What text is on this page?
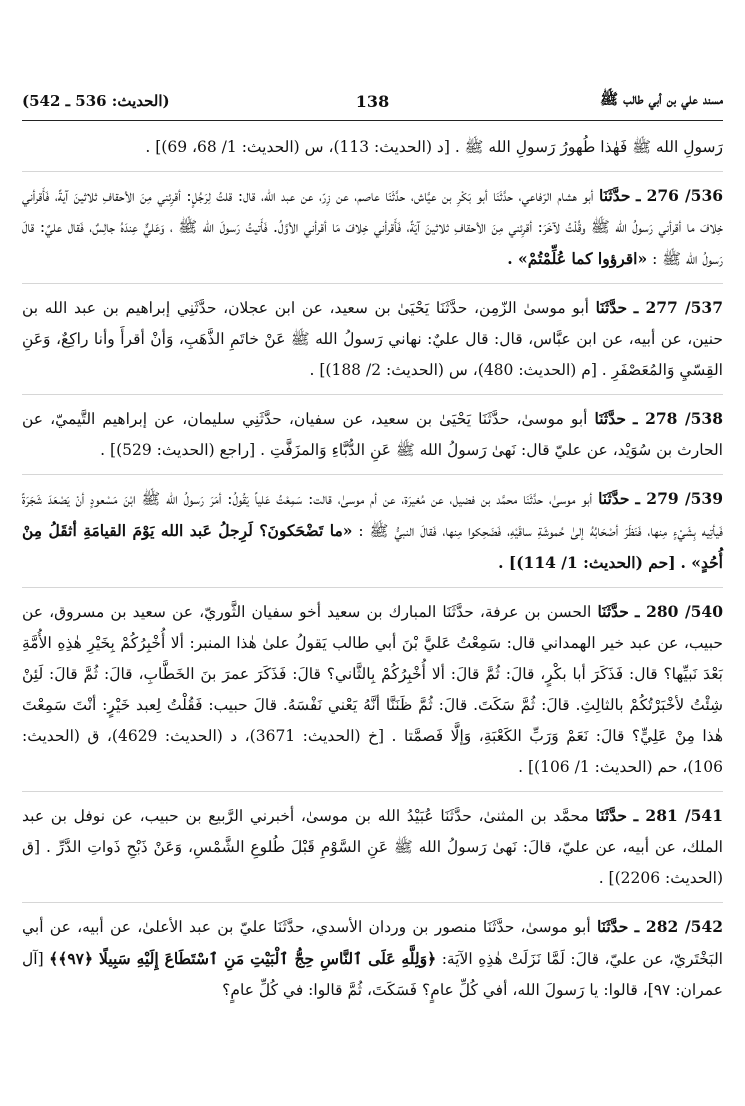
مسند علي بن أبي طالب ﷺ
138
(الحديث: 536 ـ 542)

رَسولِ الله ﷺ فَهٰذا طُهورُ رَسولِ الله ﷺ . [د (الحديث: 113)، س (الحديث: 1/ 68، 69)] .

536/ 276 ـ حدَّثَنَا أبو هشام الرّفاعي، حدَّثَنَا أبو بَكْرِ بن عيَّاش، حدَّثَنَا عاصم، عن زِرّ، عن عبد الله، قال: قلتُ لِرَجُلٍ: أقرِئني مِنَ الأحقافِ ثلاثينَ آيةً، فَأَقرأني خِلافَ ما أقرأني رَسولُ الله ﷺ وقُلْتُ لآخَرَ: أقرِئني مِنَ الأحقافِ ثلاثينَ آيَةً، فَأَقرأني خِلافَ مَا أقرأني الأوَّلُ. فَأَتيتُ رَسولَ الله ﷺ ، وَعَليٌّ عِندَهُ جالِسٌ، فَقال عليٌ: قالَ رَسولُ الله ﷺ : «اقرؤوا كما عُلِّمْتُمْ» .

537/ 277 ـ حدَّثَنَا أبو موسىٰ الزّمِن، حدَّثَنَا يَحْيَىٰ بن سعيد، عن ابن عجلان، حدَّثَنِي إبراهيم بن عبد الله بن حنين، عن أبيه، عن ابن عبَّاس، قال: قال عليٌ: نهاني رَسولُ الله ﷺ عَنْ خاتَمِ الذَّهَبِ، وَأنْ أقرأَ وأنا راكِعٌ، وَعَنِ القِسّيِ وَالمُعَصْفَرِ . [م (الحديث: 480)، س (الحديث: 2/ 188)] .

538/ 278 ـ حدَّثَنَا أبو موسىٰ، حدَّثَنَا يَحْيَىٰ بن سعيد، عن سفيان، حدَّثَنِي سليمان، عن إبراهيم التَّيميّ، عن الحارث بن سُوَيْد، عن عليّ قال: نَهىٰ رَسولُ الله ﷺ عَنِ الدُّبَّاءِ وَالمزَفَّتِ . [راجع (الحديث: 529)] .

539/ 279 ـ حدَّثَنَا أبو موسىٰ، حدَّثَنَا محمَّد بن فضيل، عن مُغيرَة، عن أم موسىٰ، قالت: سَمِعْتُ عَلياً يَقُولُ: أمَرَ رَسولُ الله ﷺ ابْنَ مَسْعودٍ أنْ يَصْعَدَ شَجَرَةً فَيأتِيه بِشَيْءٍ مِنها، فَنَظَرَ أصْحَابُهُ إلىٰ حُموشَةِ ساقَيْهِ، فَضَحِكوا مِنها، فَقالَ النبيُّ ﷺ : «ما تَضْحَكونَ؟ لَرِجلُ عَبد الله يَوْمَ القيامَةِ أثقَلُ مِنْ أُحُدٍ» . [حم (الحديث: 1/ 114)] .

540/ 280 ـ حدَّثَنَا الحسن بن عرفة، حدَّثَنَا المبارك بن سعيد أخو سفيان الثَّوريّ، عن سعيد بن مسروق، عن حبيب، عن عبد خير الهمداني قال: سَمِعْتُ عَليَّ بْنَ أبي طالب يَقولُ علىٰ هٰذا المنبر: ألا أُخْبِرُكُمْ بِخَيْرِ هٰذِهِ الأُمَّةِ بَعْدَ نَبيِّها؟ قال: فَذَكَرَ أبا بكْرٍ، قالَ: ثُمَّ قالَ: ألا أُخْبِرُكُمْ بِالثَّاني؟ قالَ: فَذَكَرَ عمرَ بنَ الخَطَّابِ، قالَ: ثُمَّ قالَ: لَئِنْ شِئْتُ لأخْبَرْتُكُمْ بالثالِثِ. قالَ: ثُمَّ سَكَتَ. قالَ: ثُمَّ ظَنَنَّا أنَّهُ يَعْني نَفْسَهُ. قالَ حبيب: فَقُلْتُ لِعبد خَيْرٍ: أنْتَ سَمِعْتَ هٰذا مِنْ عَلِيٍّ؟ قالَ: نَعَمْ وَرَبِّ الكَعْبَةِ، وَإلَّا فَصمَّتا . [خ (الحديث: 3671)، د (الحديث: 4629)، ق (الحديث: 106)، حم (الحديث: 1/ 106)] .

541/ 281 ـ حدَّثَنَا محمَّد بن المثنىٰ، حدَّثَنَا عُبَيْدُ الله بن موسىٰ، أخبرني الرَّبيع بن حبيب، عن نوفل بن عبد الملك، عن أبيه، عن عليّ، قالَ: نَهىٰ رَسولُ الله ﷺ عَنِ السَّوْمِ قَبْلَ طُلوعِ الشَّمْسِ، وَعَنْ ذَبْحِ ذَواتِ الدَّرِّ . [ق (الحديث: 2206)] .

542/ 282 ـ حدَّثَنَا أبو موسىٰ، حدَّثَنَا منصور بن وردان الأسدي، حدَّثَنَا عليّ بن عبد الأعلىٰ، عن أبيه، عن أبي البَخْتَريّ، عن عليّ، قالَ: لَمَّا نَزَلَتْ هٰذِهِ الآيَة: ﴿وَلِلَّهِ عَلَى ٱلنَّاسِ حِجُّ ٱلْبَيْتِ مَنِ ٱسْتَطَاعَ إِلَيْهِ سَبِيلًا ﴿٩٧﴾﴾ [آل عمران: ٩٧]، قالوا: يا رَسولَ الله، أفي كُلِّ عامٍ؟ فَسَكَتَ، ثُمَّ قالوا: في كُلِّ عامٍ؟
